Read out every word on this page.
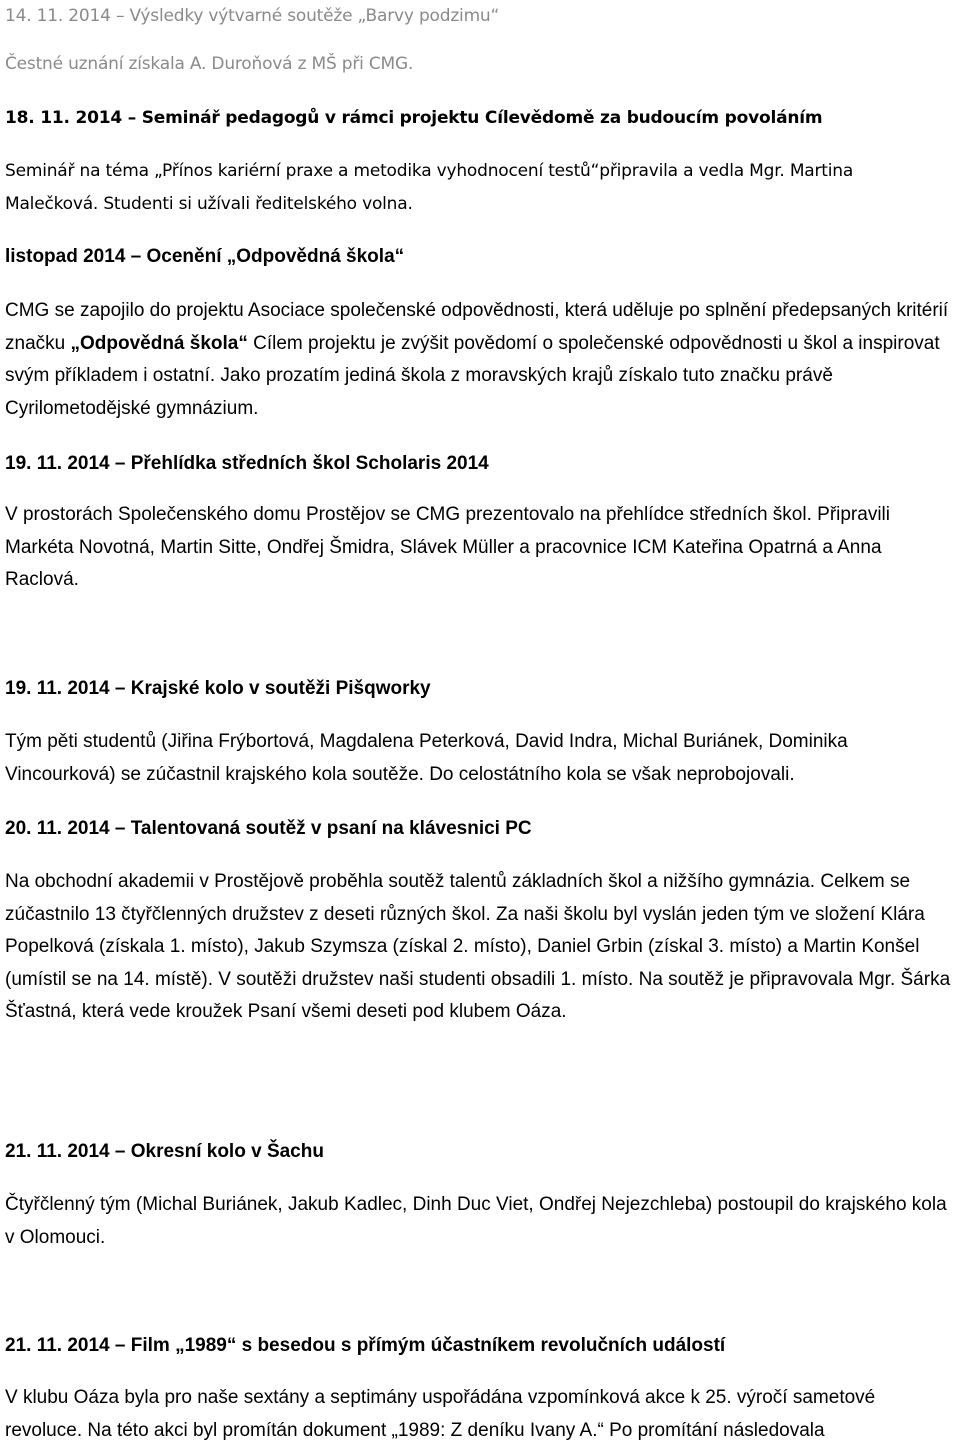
14. 11. 2014 – Výsledky výtvarné soutěže „Barvy podzimu“
Čestné uznání získala A. Duroňová z MŠ při CMG.
18. 11. 2014 – Seminář pedagogů v rámci projektu Cílevědomě za budoucím povoláním
Seminář na téma „Přínos kariérní praxe a metodika vyhodnocení testů“připravila a vedla Mgr. Martina Malečková. Studenti si užívali ředitelského volna.
listopad 2014 – Ocenění „Odpovědná škola“
CMG se zapojilo do projektu Asociace společenské odpovědnosti, která uděluje po splnění předepsaných kritérií značku „Odpovědná škola“ Cílem projektu je zvýšit povědomí o společenské odpovědnosti u škol a inspirovat svým příkladem i ostatní. Jako prozatím jediná škola z moravských krajů získalo tuto značku právě Cyrilometodějské gymnázium.
19. 11. 2014 – Přehlídka středních škol Scholaris 2014
V prostorách Společenského domu Prostějov se CMG prezentovalo na přehlídce středních škol. Připravili Markéta Novotná, Martin Sitte, Ondřej Šmidra, Slávek Müller a pracovnice ICM Kateřina Opatrná a Anna Raclová.
19. 11. 2014 – Krajské kolo v soutěži Pišqworky
Tým pěti studentů (Jiřina Frýbortová, Magdalena Peterková, David Indra, Michal Buriánek, Dominika Vincourková) se zúčastnil krajského kola soutěže. Do celostátního kola se však neprobojovali.
20. 11. 2014 – Talentovaná soutěž v psaní na klávesnici PC
Na obchodní akademii v Prostějově proběhla soutěž talentů základních škol a nižšího gymnázia. Celkem se zúčastnilo 13 čtyřčlenných družstev z deseti různých škol. Za naši školu byl vyslán jeden tým ve složení Klára Popelková (získala 1. místo), Jakub Szymsza (získal 2. místo), Daniel Grbin (získal 3. místo) a Martin Konšel (umístil se na 14. místě). V soutěži družstev naši studenti obsadili 1. místo. Na soutěž je připravovala Mgr. Šárka Šťastná, která vede kroužek Psaní všemi deseti pod klubem Oáza.
21. 11. 2014 – Okresní kolo v Šachu
Čtyřčlenný tým (Michal Buriánek, Jakub Kadlec, Dinh Duc Viet, Ondřej Nejezchleba) postoupil do krajského kola v Olomouci.
21. 11. 2014 – Film „1989“ s besedou s přímým účastníkem revolučních událostí
V klubu Oáza byla pro naše sextány a septimány uspořádána vzpomínková akce k 25. výročí sametové revoluce. Na této akci byl promítán dokument „1989: Z deníku Ivany A.“ Po promítání následovala
